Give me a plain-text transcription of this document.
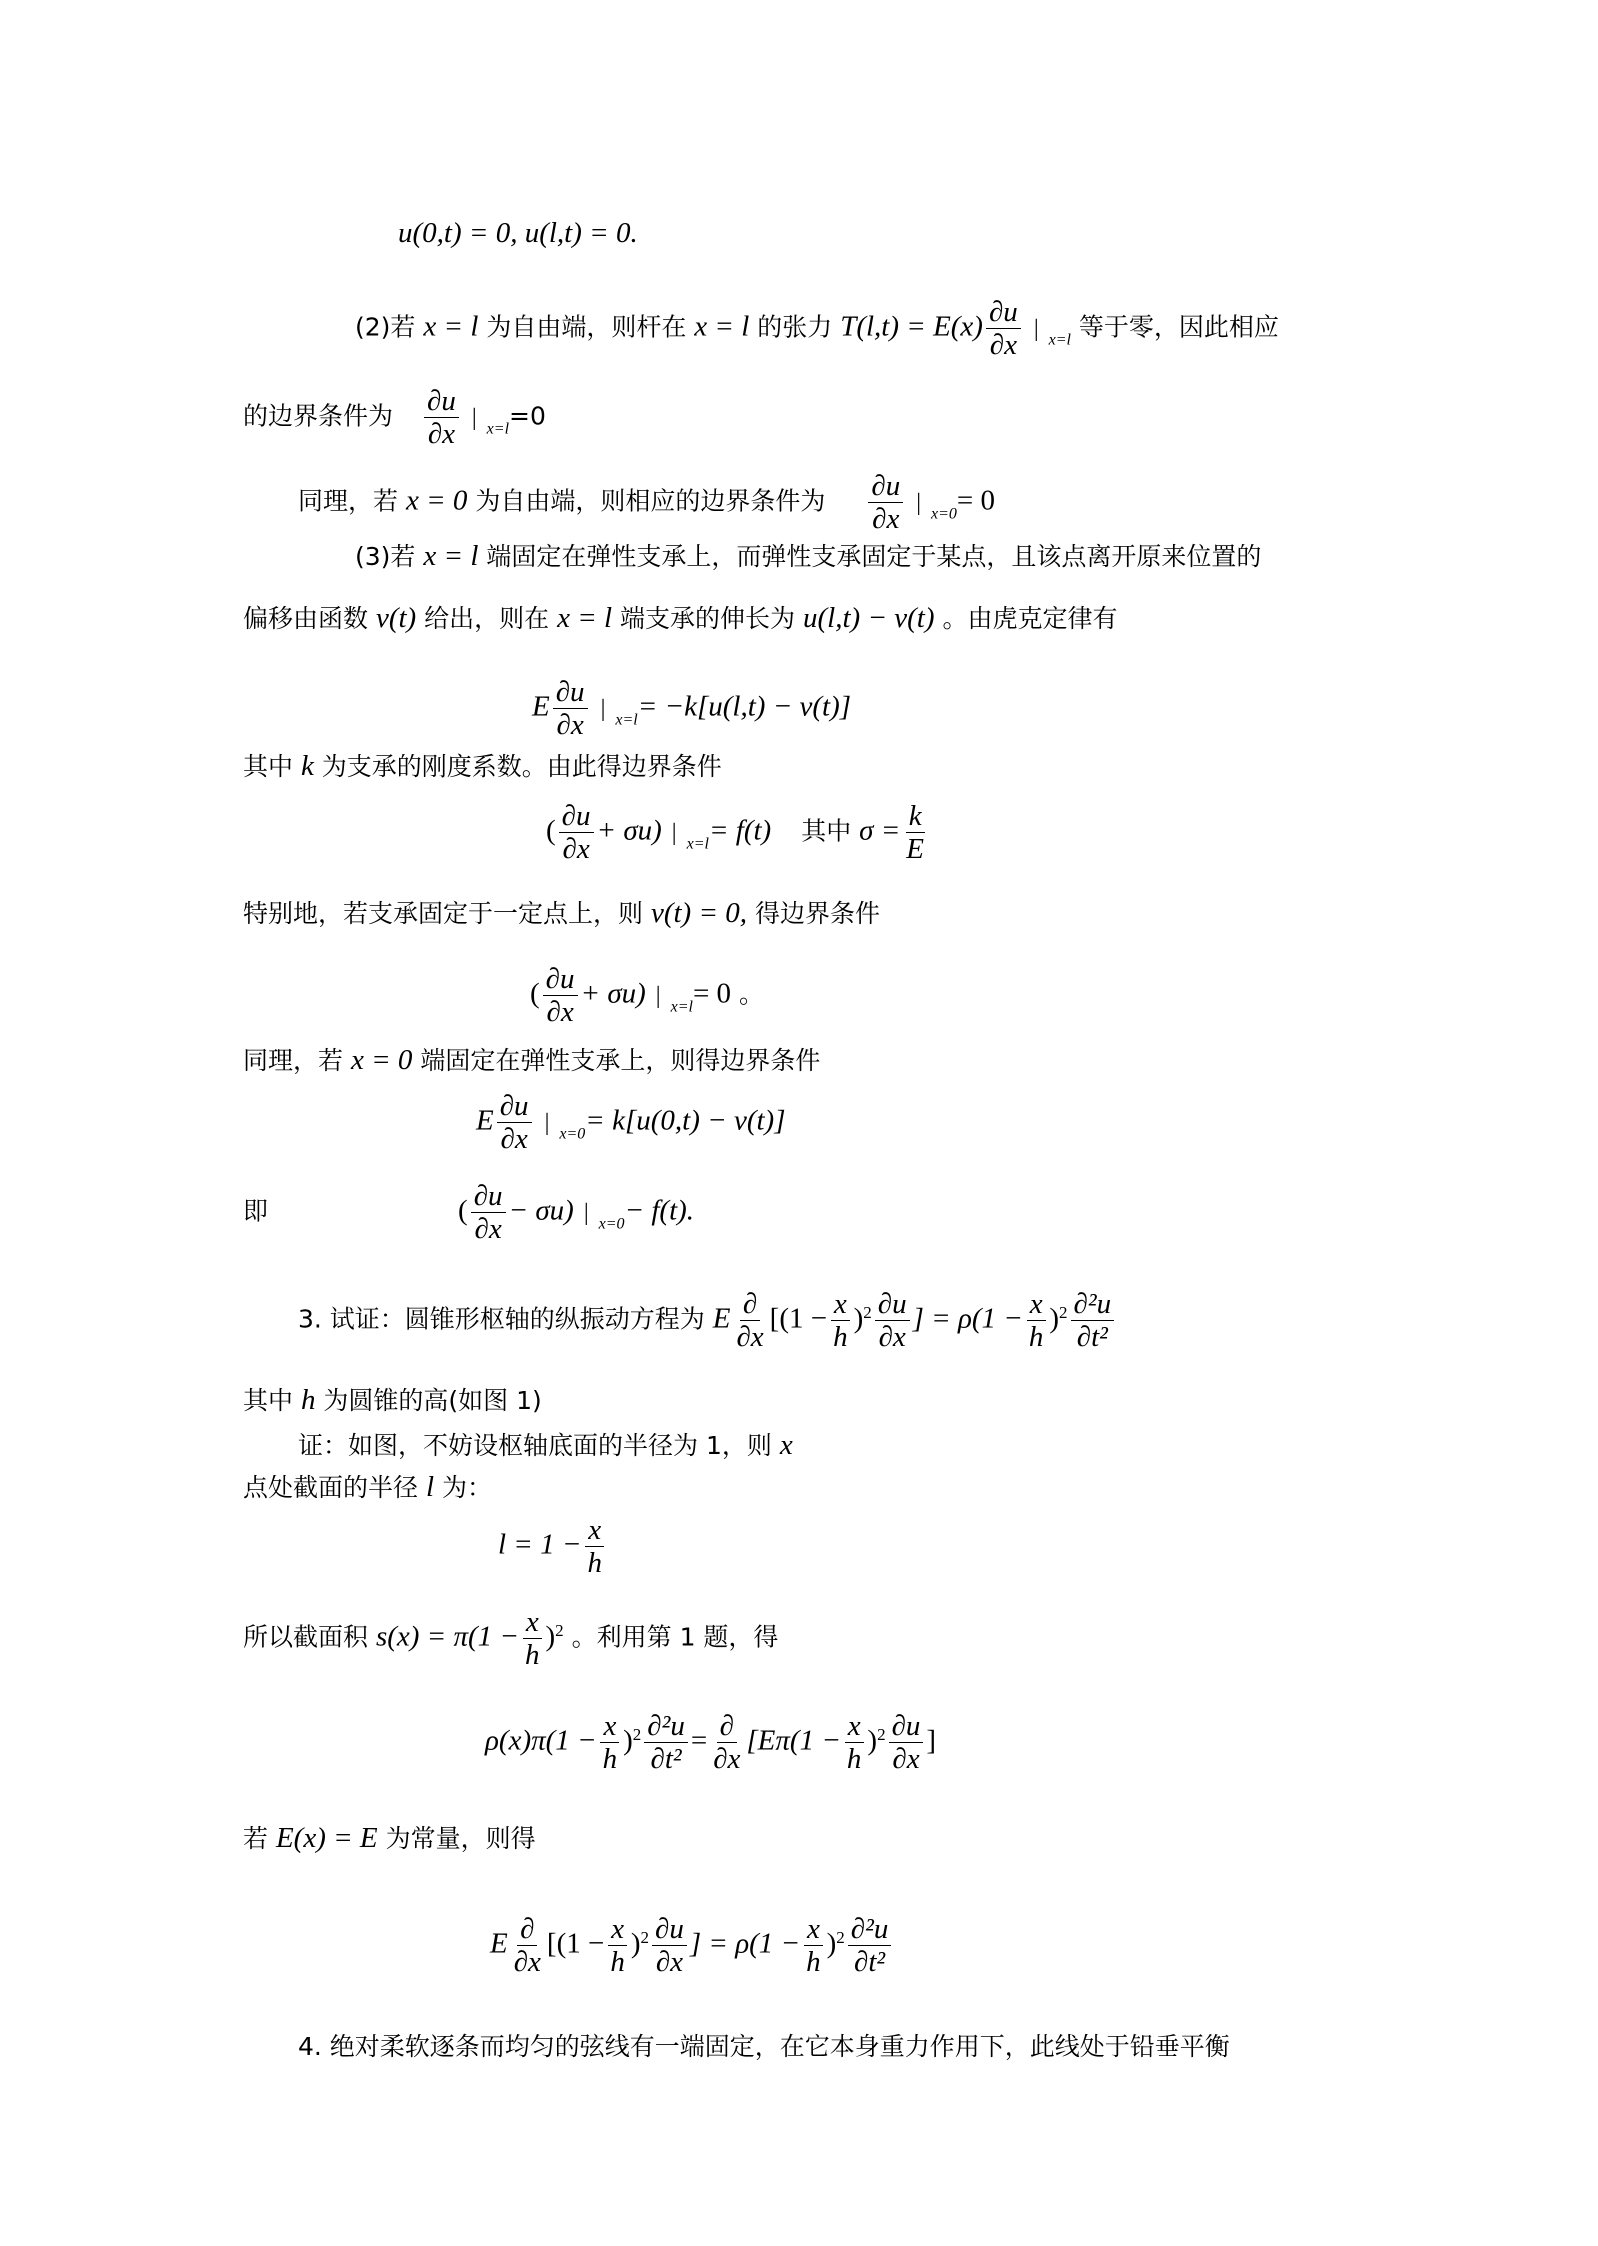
u(0,t) = 0, u(l,t) = 0.
(2)若 x = l 为自由端，则杆在 x = l 的张力 $T(l,t) = E(x) \frac{\partial u}{\partial x}$ | $_{x=l}$ 等于零，因此相应
的边界条件为 $\frac{\partial u}{\partial x}$ | $_{x=l}$=0
同理，若 x = 0 为自由端，则相应的边界条件为 $\frac{\partial u}{\partial x}$ | $_{x=0}$= 0
(3)若 x = l 端固定在弹性支承上，而弹性支承固定于某点，且该点离开原来位置的
偏移由函数 v(t) 给出，则在 x = l 端支承的伸长为 u(l,t) − v(t) 。由虎克定律有
E $\frac{\partial u}{\partial x}$ | $_{x=l}$= −k[u(l,t) − v(t)]
其中 k 为支承的刚度系数。由此得边界条件
( $\frac{\partial u}{\partial x} + \sigma u$) | $_{x=l}$= f(t) 其中 $\sigma = \frac{k}{E}$
特别地，若支承固定于一定点上，则 v(t) = 0, 得边界条件
( $\frac{\partial u}{\partial x} + \sigma u$) | $_{x=l}$= 0 。
同理，若 x = 0 端固定在弹性支承上，则得边界条件
E $\frac{\partial u}{\partial x}$ | $_{x=0}$= k[u(0,t) − v(t)]
即	( $\frac{\partial u}{\partial x} - \sigma u$) | $_{x=0}$− f(t).
3. 试证：圆锥形枢轴的纵振动方程为 E ∂
∂x
[$(1 - \frac{x}{h} )^2 \frac{\partial u}{\partial x}$ ] = $\rho(1 - \frac{x}{h} )^2 \frac{\text{∂²u}}{\text{∂t²}}$
其中 h 为圆锥的高(如图 1)
证：如图，不妨设枢轴底面的半径为 1，则 x
点处截面的半径 l 为：
$l = 1 - \frac{x}{h}$
所以截面积 $s(x) = \pi(1 - \frac{x}{h} )^2$ 。利用第 1 题，得
$\rho(x)\pi(1 - \frac{x}{h} )^2 \frac{\text{∂²u}}{\text{∂t²}}$ = ∂
∂x
[$E\pi(1 - \frac{x}{h} )^2 \frac{\partial u}{\partial x}$ ]
若 E(x) = E 为常量，则得
E ∂
∂x
[$(1 - \frac{x}{h} )^2 \frac{\partial u}{\partial x}$ ] = $\rho(1 - \frac{x}{h} )^2 \frac{\text{∂²u}}{\text{∂t²}}$
4. 绝对柔软逐条而均匀的弦线有一端固定，在它本身重力作用下，此线处于铅垂平衡
